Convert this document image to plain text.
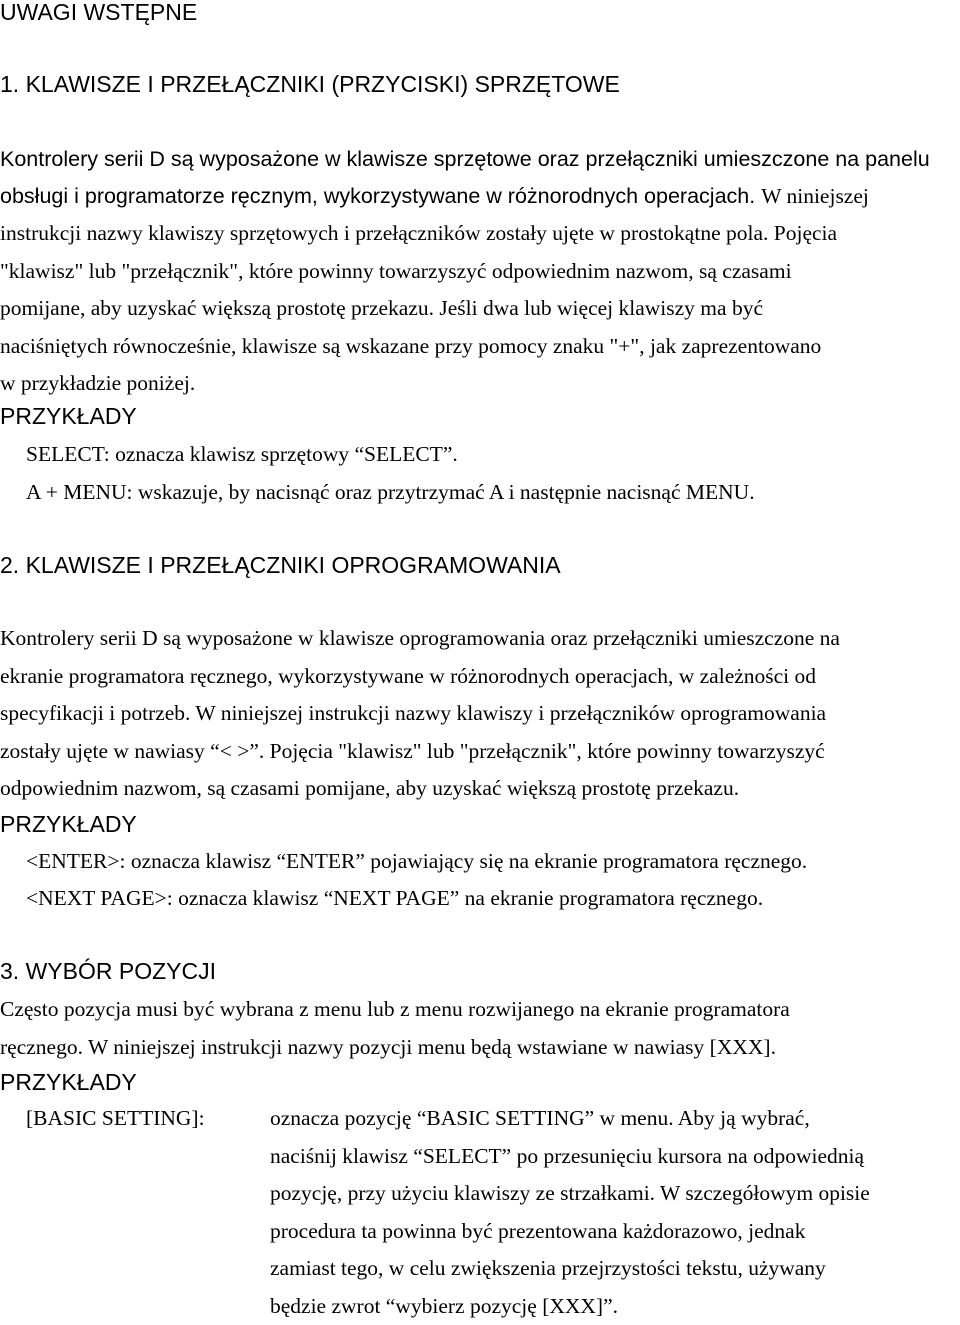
UWAGI WSTĘPNE
1. KLAWISZE I PRZEŁĄCZNIKI (PRZYCISKI) SPRZĘTOWE
Kontrolery serii D są wyposażone w klawisze sprzętowe oraz przełączniki umieszczone na panelu
obsługi i programatorze ręcznym, wykorzystywane w różnorodnych operacjach. W niniejszej
instrukcji nazwy klawiszy sprzętowych i przełączników zostały ujęte w prostokątne pola. Pojęcia
"klawisz" lub "przełącznik", które powinny towarzyszyć odpowiednim nazwom, są czasami
pomijane, aby uzyskać większą prostotę przekazu. Jeśli dwa lub więcej klawiszy ma być
naciśniętych równocześnie, klawisze są wskazane przy pomocy znaku "+", jak zaprezentowano
w przykładzie poniżej.
PRZYKŁADY
SELECT: oznacza klawisz sprzętowy “SELECT”.
A + MENU: wskazuje, by nacisnąć oraz przytrzymać A i następnie nacisnąć MENU.
2. KLAWISZE I PRZEŁĄCZNIKI OPROGRAMOWANIA
Kontrolery serii D są wyposażone w klawisze oprogramowania oraz przełączniki umieszczone na
ekranie programatora ręcznego, wykorzystywane w różnorodnych operacjach, w zależności od
specyfikacji i potrzeb. W niniejszej instrukcji nazwy klawiszy i przełączników oprogramowania
zostały ujęte w nawiasy “< >”. Pojęcia "klawisz" lub "przełącznik", które powinny towarzyszyć
odpowiednim nazwom, są czasami pomijane, aby uzyskać większą prostotę przekazu.
PRZYKŁADY
<ENTER>: oznacza klawisz “ENTER” pojawiający się na ekranie programatora ręcznego.
<NEXT PAGE>: oznacza klawisz “NEXT PAGE” na ekranie programatora ręcznego.
3. WYBÓR POZYCJI
Często pozycja musi być wybrana z menu lub z menu rozwijanego na ekranie programatora
ręcznego. W niniejszej instrukcji nazwy pozycji menu będą wstawiane w nawiasy [XXX].
PRZYKŁADY
[BASIC SETTING]:	oznacza pozycję “BASIC SETTING” w menu. Aby ją wybrać,
naciśnij klawisz “SELECT” po przesunięciu kursora na odpowiednią
pozycję, przy użyciu klawiszy ze strzałkami. W szczegółowym opisie
procedura ta powinna być prezentowana każdorazowo, jednak
zamiast tego, w celu zwiększenia przejrzystości tekstu, używany
będzie zwrot “wybierz pozycję [XXX]”.
